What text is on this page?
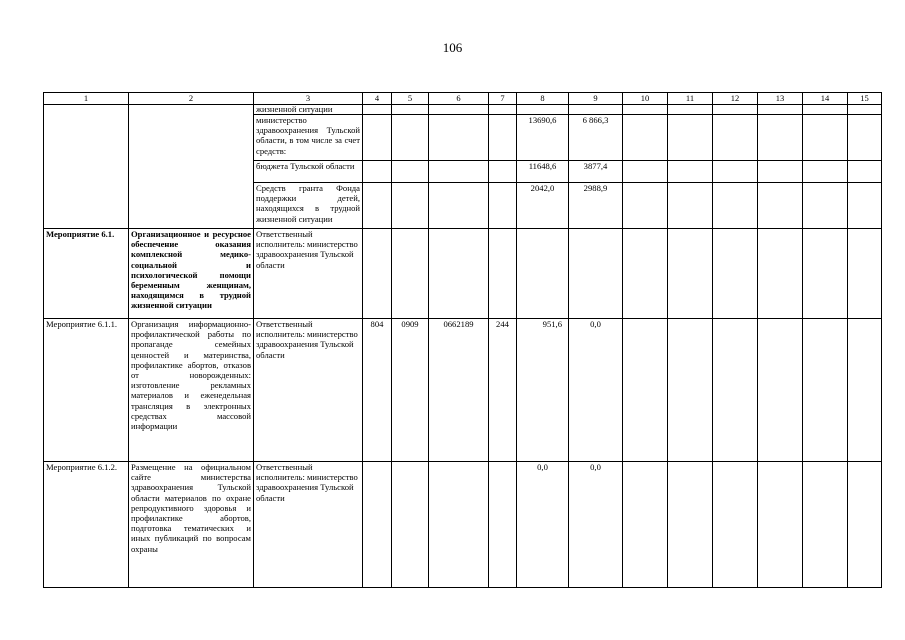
106
1	2	3	4	5	6	7	8	9	10	11	12	13	14	15
		жизненной ситуации												
		министерство здравоохранения Тульской области, в том числе за счет средств:					13690,6	6 866,3						
		бюджета Тульской области					11648,6	3877,4						
		Средств гранта Фонда поддержки детей, находящихся в трудной жизненной ситуации					2042,0	2988,9						
Мероприятие 6.1.	Организационное и ресурсное обеспечение оказания комплексной медико- социальной и психологической помощи беременным женщинам, находящимся в трудной жизненной ситуации	Ответственный исполнитель: министерство здравоохранения Тульской области												
Мероприятие 6.1.1.	Организация информационно-профилактической работы по пропаганде семейных ценностей и материнства, профилактике абортов, отказов от новорожденных: изготовление рекламных материалов и еженедельная трансляция в электронных средствах массовой информации	Ответственный исполнитель: министерство здравоохранения Тульской области	804	0909	0662189	244	951,6	0,0						
Мероприятие 6.1.2.	Размещение на официальном сайте министерства здравоохранения Тульской области материалов по охране репродуктивного здоровья и профилактике абортов, подготовка тематических и иных публикаций по вопросам охраны	Ответственный исполнитель: министерство здравоохранения Тульской области					0,0	0,0						
